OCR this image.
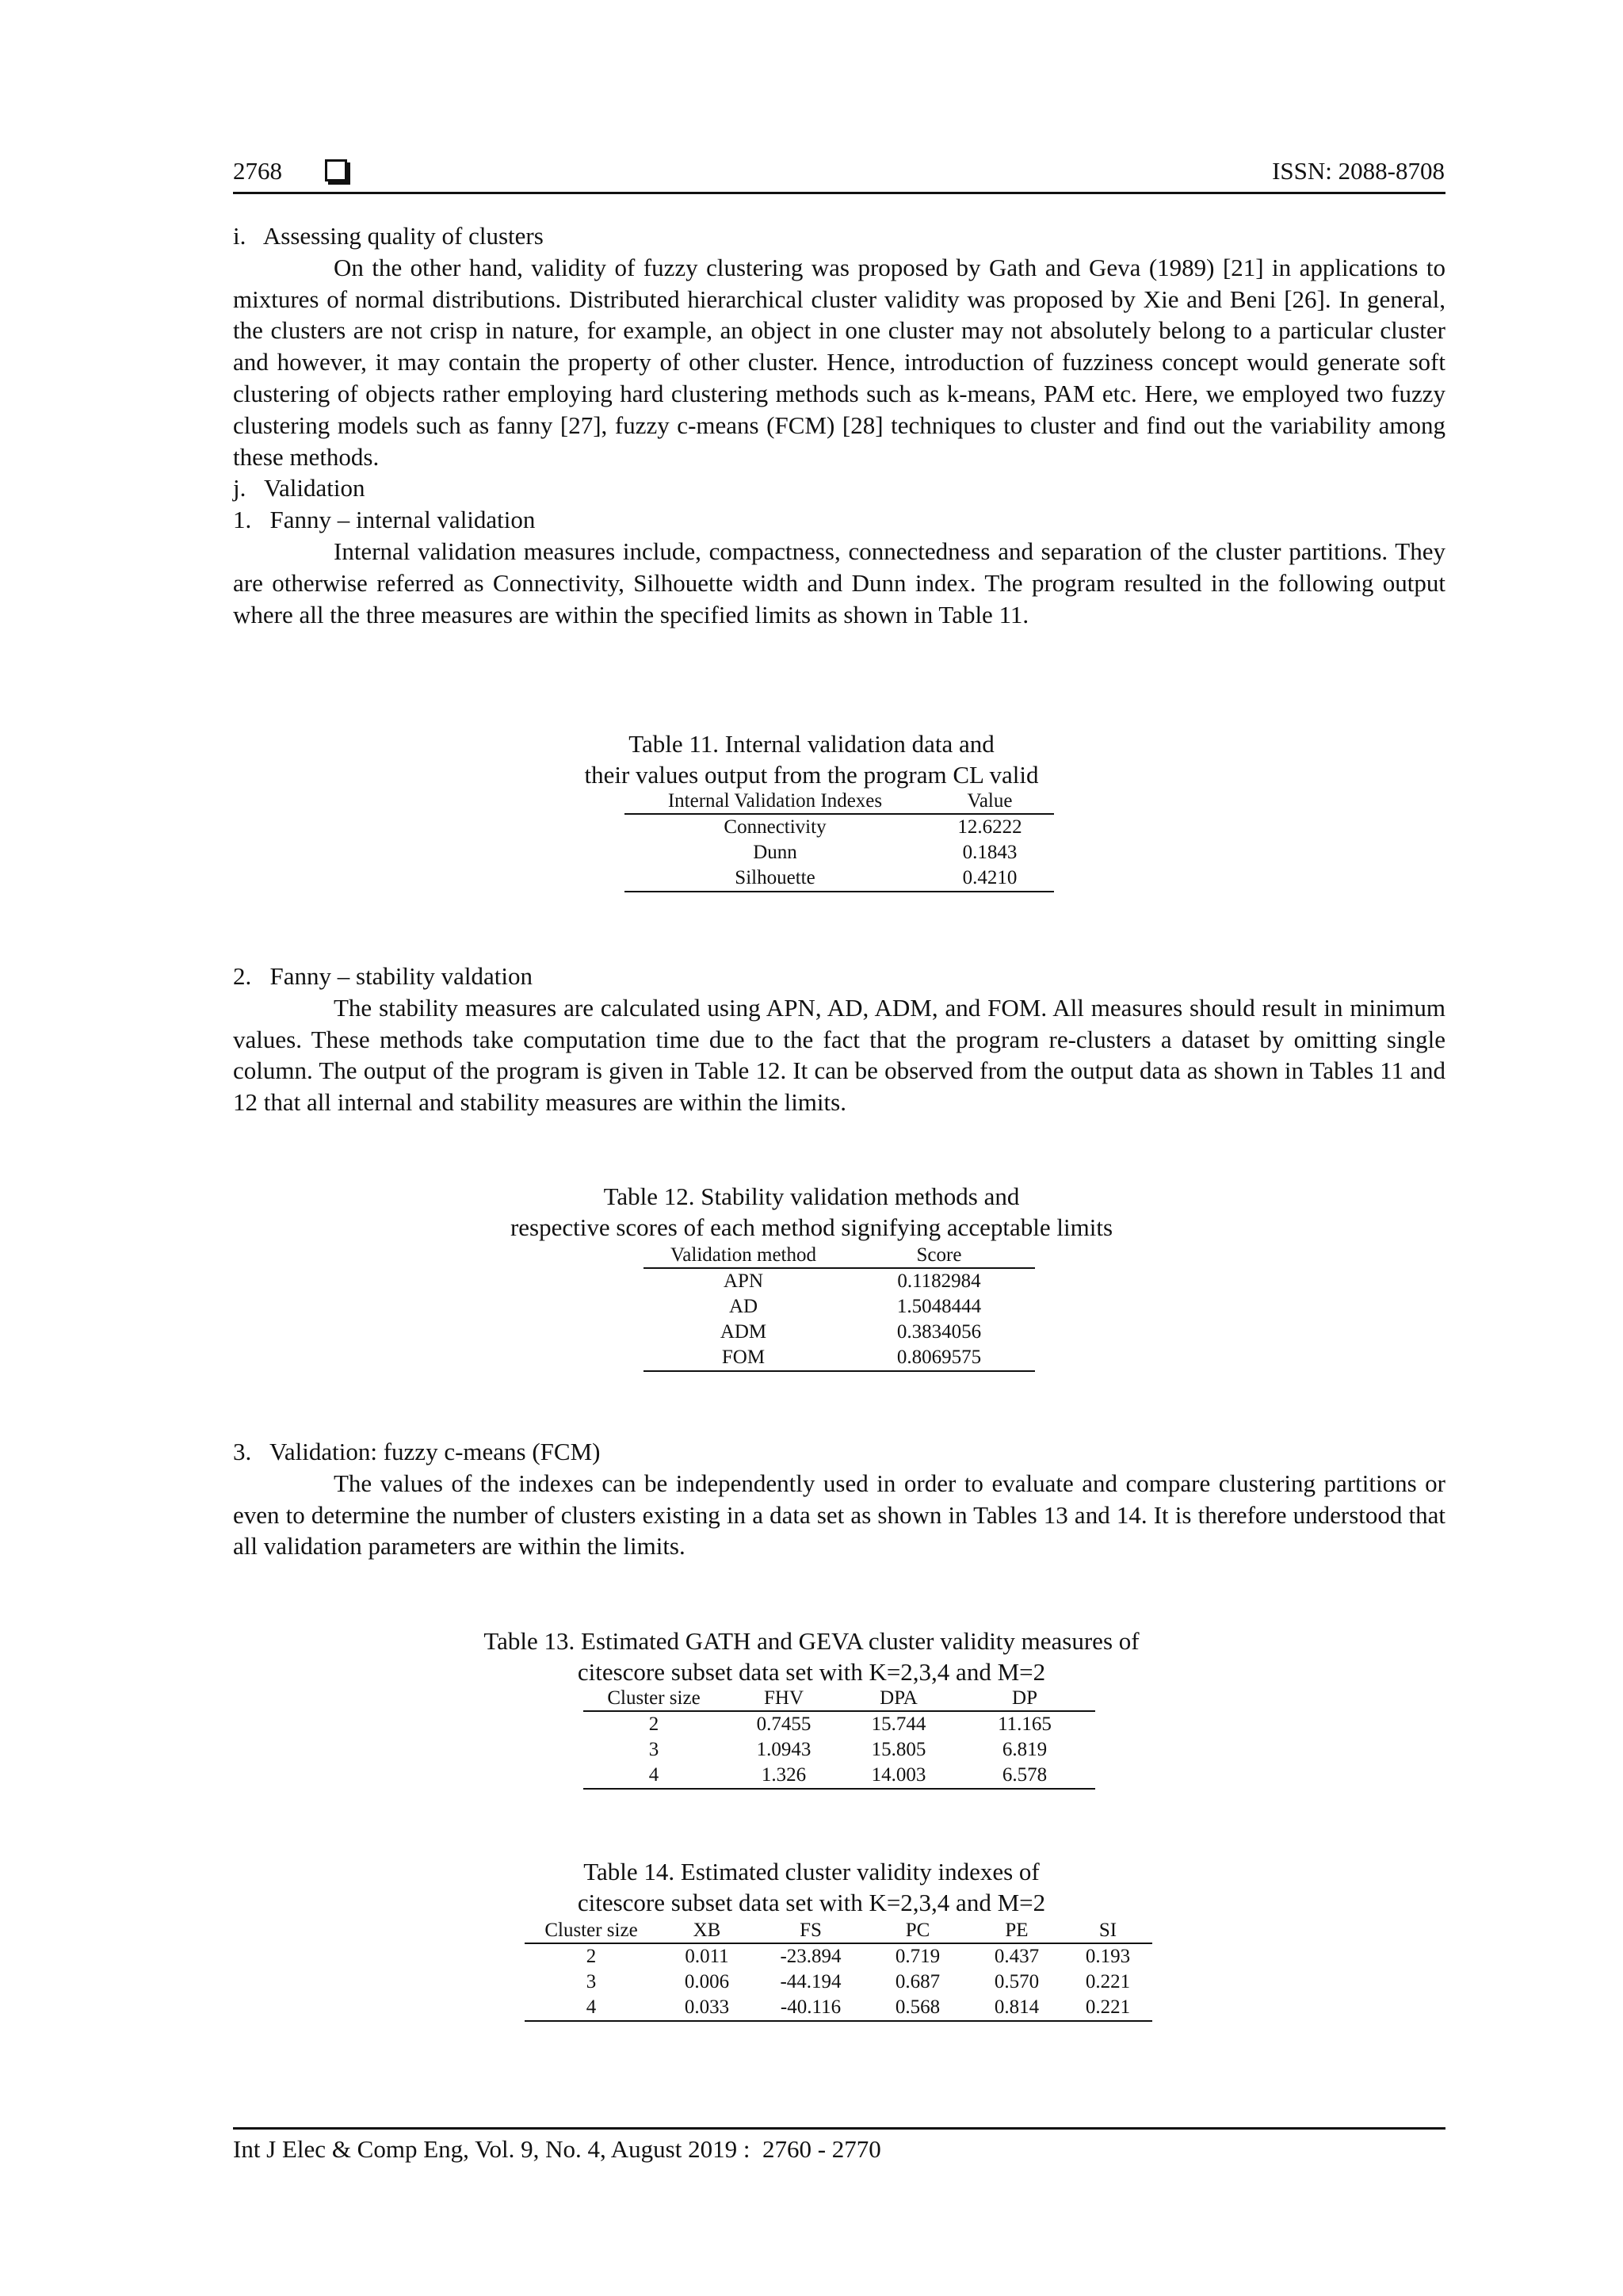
2768	ISSN: 2088-8708

i.   Assessing quality of clusters

On the other hand, validity of fuzzy clustering was proposed by Gath and Geva (1989) [21] in applications to mixtures of normal distributions. Distributed hierarchical cluster validity was proposed by Xie and Beni [26]. In general, the clusters are not crisp in nature, for example, an object in one cluster may not absolutely belong to a particular cluster and however, it may contain the property of other cluster. Hence, introduction of fuzziness concept would generate soft clustering of objects rather employing hard clustering methods such as k-means, PAM etc. Here, we employed two fuzzy clustering models such as fanny [27], fuzzy c-means (FCM) [28] techniques to cluster and find out the variability among these methods.

j.   Validation

1.   Fanny – internal validation

Internal validation measures include, compactness, connectedness and separation of the cluster partitions. They are otherwise referred as Connectivity, Silhouette width and Dunn index. The program resulted in the following output where all the three measures are within the specified limits as shown in Table 11.

Table 11. Internal validation data and
their values output from the program CL valid
Internal Validation Indexes	Value
Connectivity	12.6222
Dunn	0.1843
Silhouette	0.4210

2.   Fanny – stability valdation

The stability measures are calculated using APN, AD, ADM, and FOM. All measures should result in minimum values. These methods take computation time due to the fact that the program re-clusters a dataset by omitting single column. The output of the program is given in Table 12. It can be observed from the output data as shown in Tables 11 and 12 that all internal and stability measures are within the limits.

Table 12. Stability validation methods and
respective scores of each method signifying acceptable limits
Validation method	Score
APN	0.1182984
AD	1.5048444
ADM	0.3834056
FOM	0.8069575

3.   Validation: fuzzy c-means (FCM)

The values of the indexes can be independently used in order to evaluate and compare clustering partitions or even to determine the number of clusters existing in a data set as shown in Tables 13 and 14. It is therefore understood that all validation parameters are within the limits.

Table 13. Estimated GATH and GEVA cluster validity measures of
citescore subset data set with K=2,3,4 and M=2
Cluster size	FHV	DPA	DP
2	0.7455	15.744	11.165
3	1.0943	15.805	6.819
4	1.326	14.003	6.578
Table 14. Estimated cluster validity indexes of
citescore subset data set with K=2,3,4 and M=2
Cluster size	XB	FS	PC	PE	SI
2	0.011	-23.894	0.719	0.437	0.193
3	0.006	-44.194	0.687	0.570	0.221
4	0.033	-40.116	0.568	0.814	0.221
Int J Elec & Comp Eng, Vol. 9, No. 4, August 2019 :  2760 - 2770
